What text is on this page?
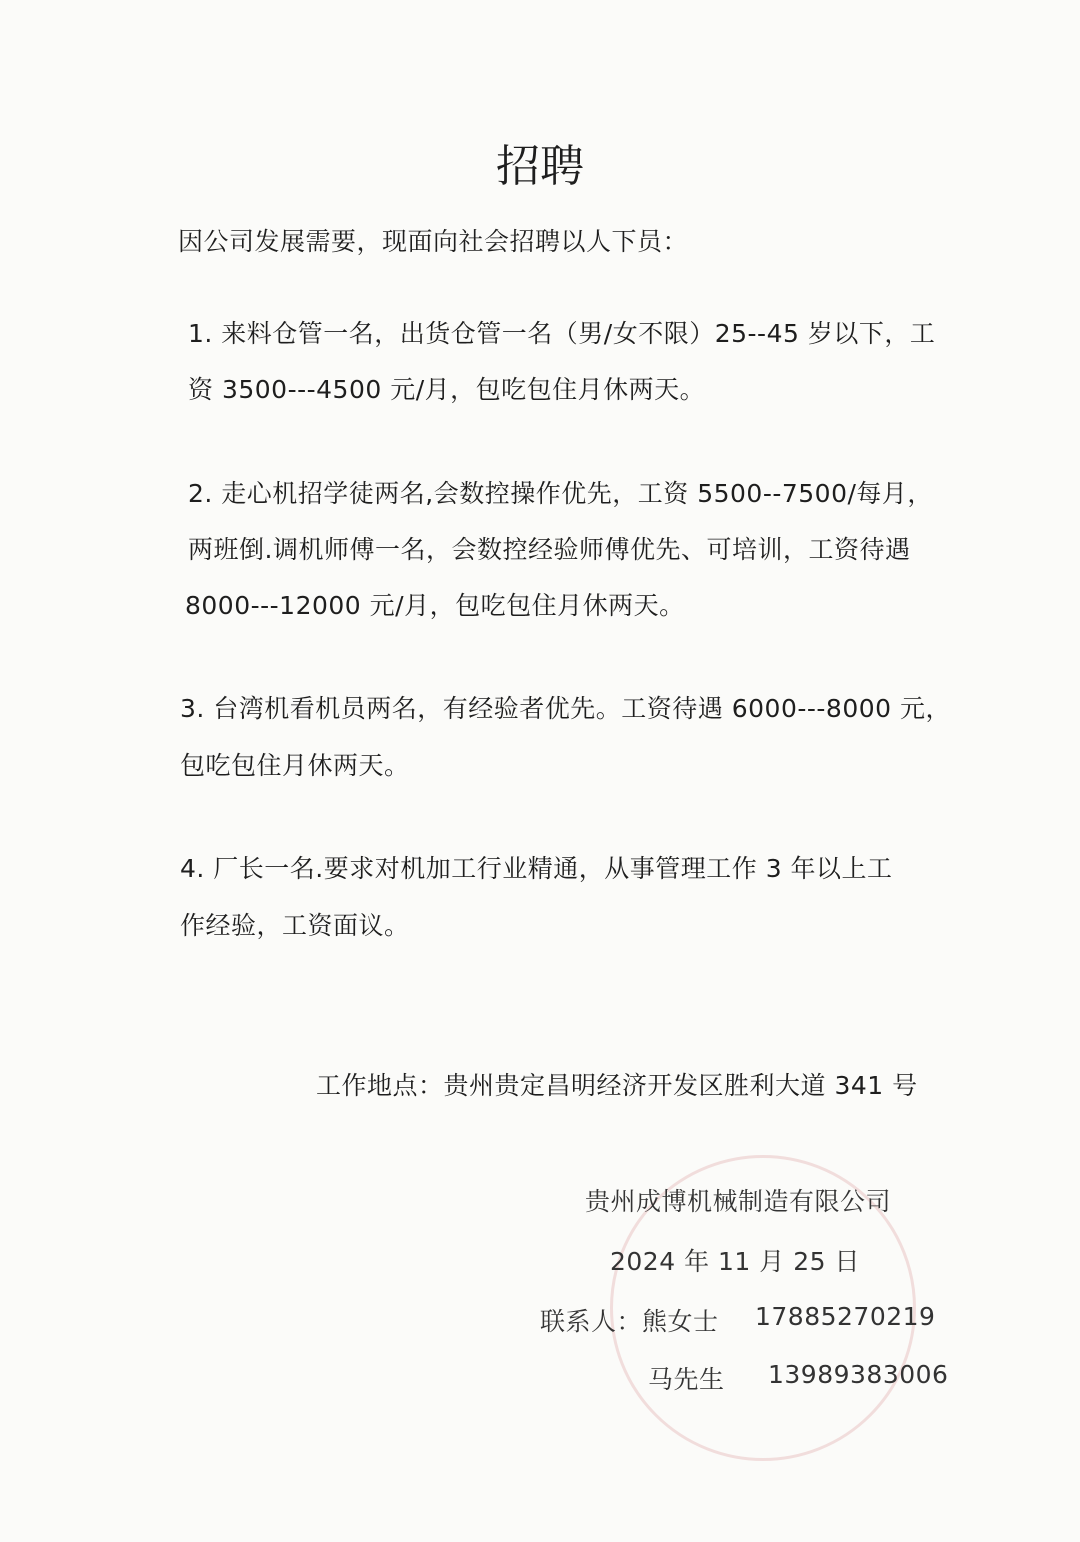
招聘
因公司发展需要，现面向社会招聘以人下员：
1. 来料仓管一名，出货仓管一名（男/女不限）25--45 岁以下，工
资 3500---4500 元/月，包吃包住月休两天。
2. 走心机招学徒两名,会数控操作优先，工资 5500--7500/每月，
两班倒.调机师傅一名，会数控经验师傅优先、可培训，工资待遇
8000---12000 元/月，包吃包住月休两天。
3. 台湾机看机员两名，有经验者优先。工资待遇 6000---8000 元，
包吃包住月休两天。
4. 厂长一名.要求对机加工行业精通，从事管理工作 3 年以上工
作经验，工资面议。
工作地点：贵州贵定昌明经济开发区胜利大道 341 号
贵州成博机械制造有限公司
2024 年 11 月 25 日
联系人：熊女士 17885270219
马先生 13989383006
